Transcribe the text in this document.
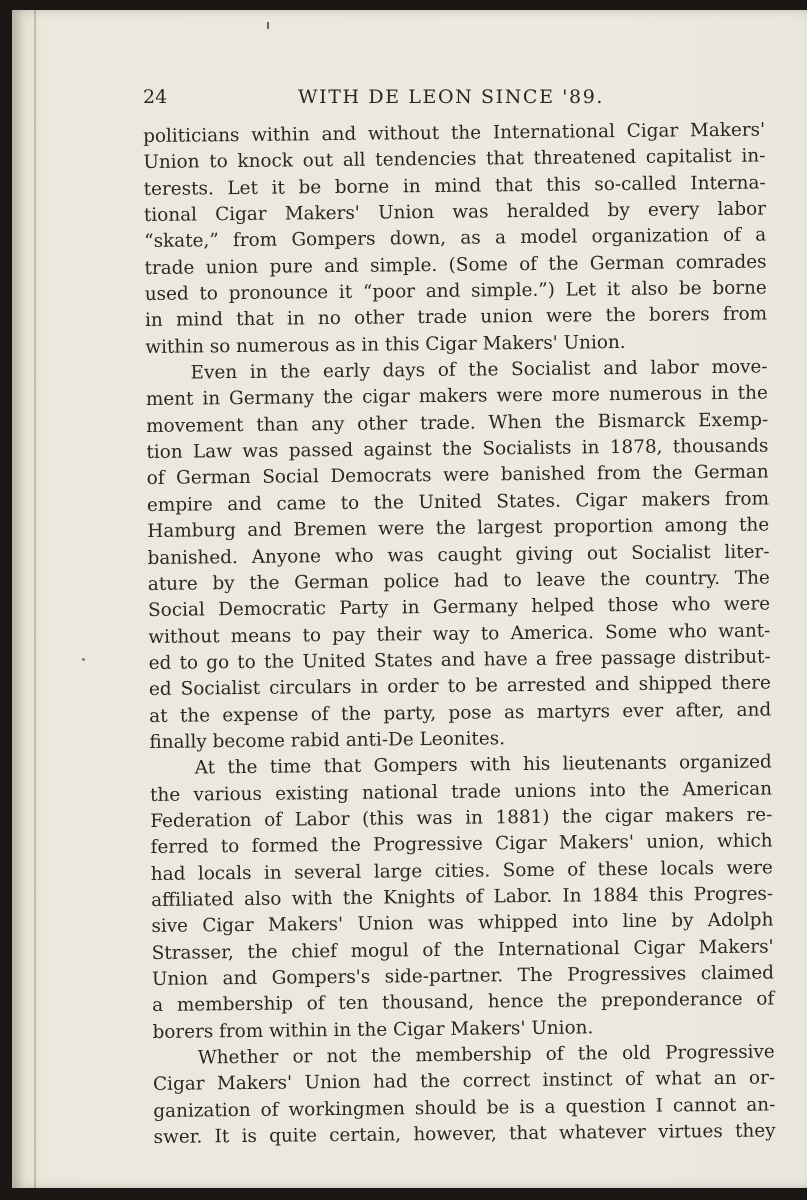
24	WITH DE LEON SINCE '89.
politicians within and without the International Cigar Makers'
Union to knock out all tendencies that threatened capitalist in-
terests. Let it be borne in mind that this so-called Interna-
tional Cigar Makers' Union was heralded by every labor
“skate,” from Gompers down, as a model organization of a
trade union pure and simple. (Some of the German comrades
used to pronounce it “poor and simple.”) Let it also be borne
in mind that in no other trade union were the borers from
within so numerous as in this Cigar Makers' Union.
Even in the early days of the Socialist and labor move-
ment in Germany the cigar makers were more numerous in the
movement than any other trade. When the Bismarck Exemp-
tion Law was passed against the Socialists in 1878, thousands
of German Social Democrats were banished from the German
empire and came to the United States. Cigar makers from
Hamburg and Bremen were the largest proportion among the
banished. Anyone who was caught giving out Socialist liter-
ature by the German police had to leave the country. The
Social Democratic Party in Germany helped those who were
without means to pay their way to America. Some who want-
ed to go to the United States and have a free passage distribut-
ed Socialist circulars in order to be arrested and shipped there
at the expense of the party, pose as martyrs ever after, and
finally become rabid anti-De Leonites.
At the time that Gompers with his lieutenants organized
the various existing national trade unions into the American
Federation of Labor (this was in 1881) the cigar makers re-
ferred to formed the Progressive Cigar Makers' union, which
had locals in several large cities. Some of these locals were
affiliated also with the Knights of Labor. In 1884 this Progres-
sive Cigar Makers' Union was whipped into line by Adolph
Strasser, the chief mogul of the International Cigar Makers'
Union and Gompers's side-partner. The Progressives claimed
a membership of ten thousand, hence the preponderance of
borers from within in the Cigar Makers' Union.
Whether or not the membership of the old Progressive
Cigar Makers' Union had the correct instinct of what an or-
ganization of workingmen should be is a question I cannot an-
swer. It is quite certain, however, that whatever virtues they
